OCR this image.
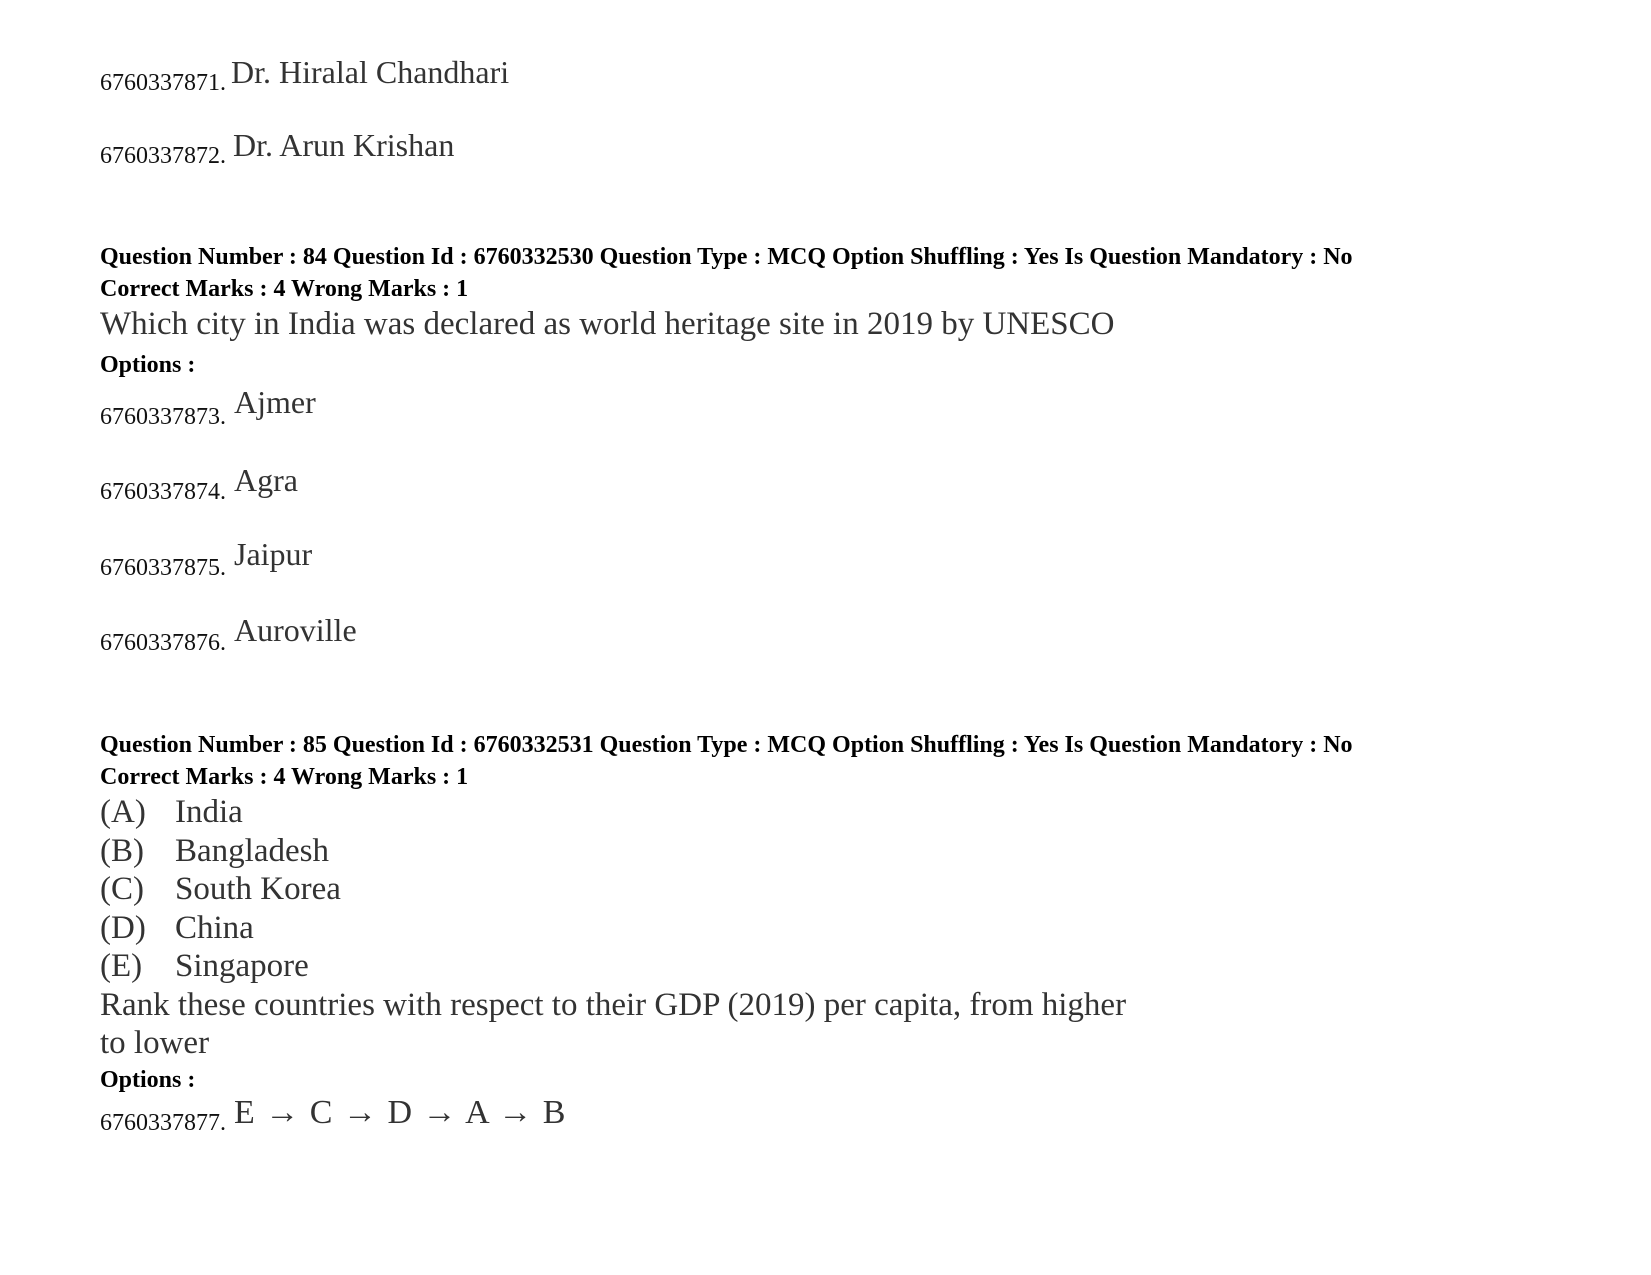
6760337871. Dr. Hiralal Chandhari
6760337872. Dr. Arun Krishan
Question Number : 84 Question Id : 6760332530 Question Type : MCQ Option Shuffling : Yes Is Question Mandatory : No
Correct Marks : 4 Wrong Marks : 1
Which city in India was declared as world heritage site in 2019 by UNESCO
Options :
6760337873. Ajmer
6760337874. Agra
6760337875. Jaipur
6760337876. Auroville
Question Number : 85 Question Id : 6760332531 Question Type : MCQ Option Shuffling : Yes Is Question Mandatory : No
Correct Marks : 4 Wrong Marks : 1
(A) India
(B) Bangladesh
(C) South Korea
(D) China
(E) Singapore
Rank these countries with respect to their GDP (2019) per capita, from higher
to lower
Options :
6760337877. E → C → D → A → B
